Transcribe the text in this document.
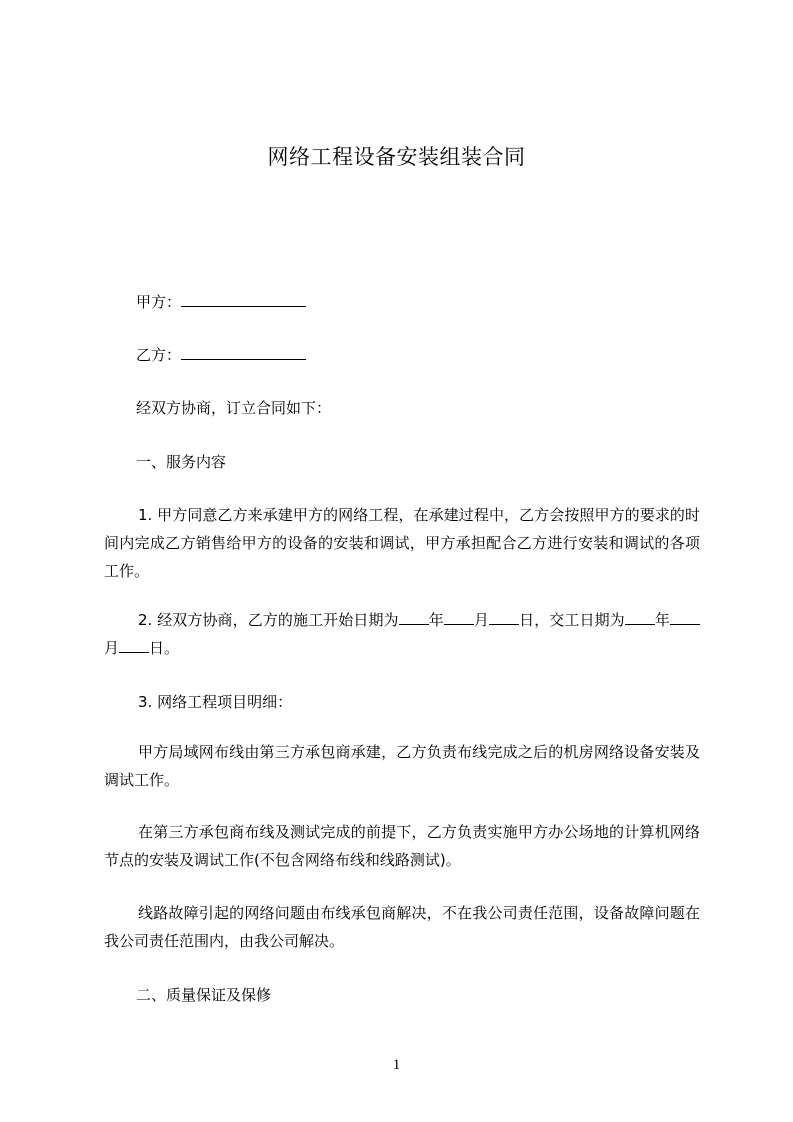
网络工程设备安装组装合同
甲方：
乙方：
经双方协商，订立合同如下：
一、服务内容
1. 甲方同意乙方来承建甲方的网络工程，在承建过程中，乙方会按照甲方的要求的时间内完成乙方销售给甲方的设备的安装和调试，甲方承担配合乙方进行安装和调试的各项工作。
2. 经双方协商，乙方的施工开始日期为 年 月 日，交工日期为 年月 日。
3. 网络工程项目明细：
甲方局域网布线由第三方承包商承建，乙方负责布线完成之后的机房网络设备安装及调试工作。
在第三方承包商布线及测试完成的前提下，乙方负责实施甲方办公场地的计算机网络节点的安装及调试工作(不包含网络布线和线路测试)。
线路故障引起的网络问题由布线承包商解决，不在我公司责任范围，设备故障问题在我公司责任范围内，由我公司解决。
二、质量保证及保修
1
